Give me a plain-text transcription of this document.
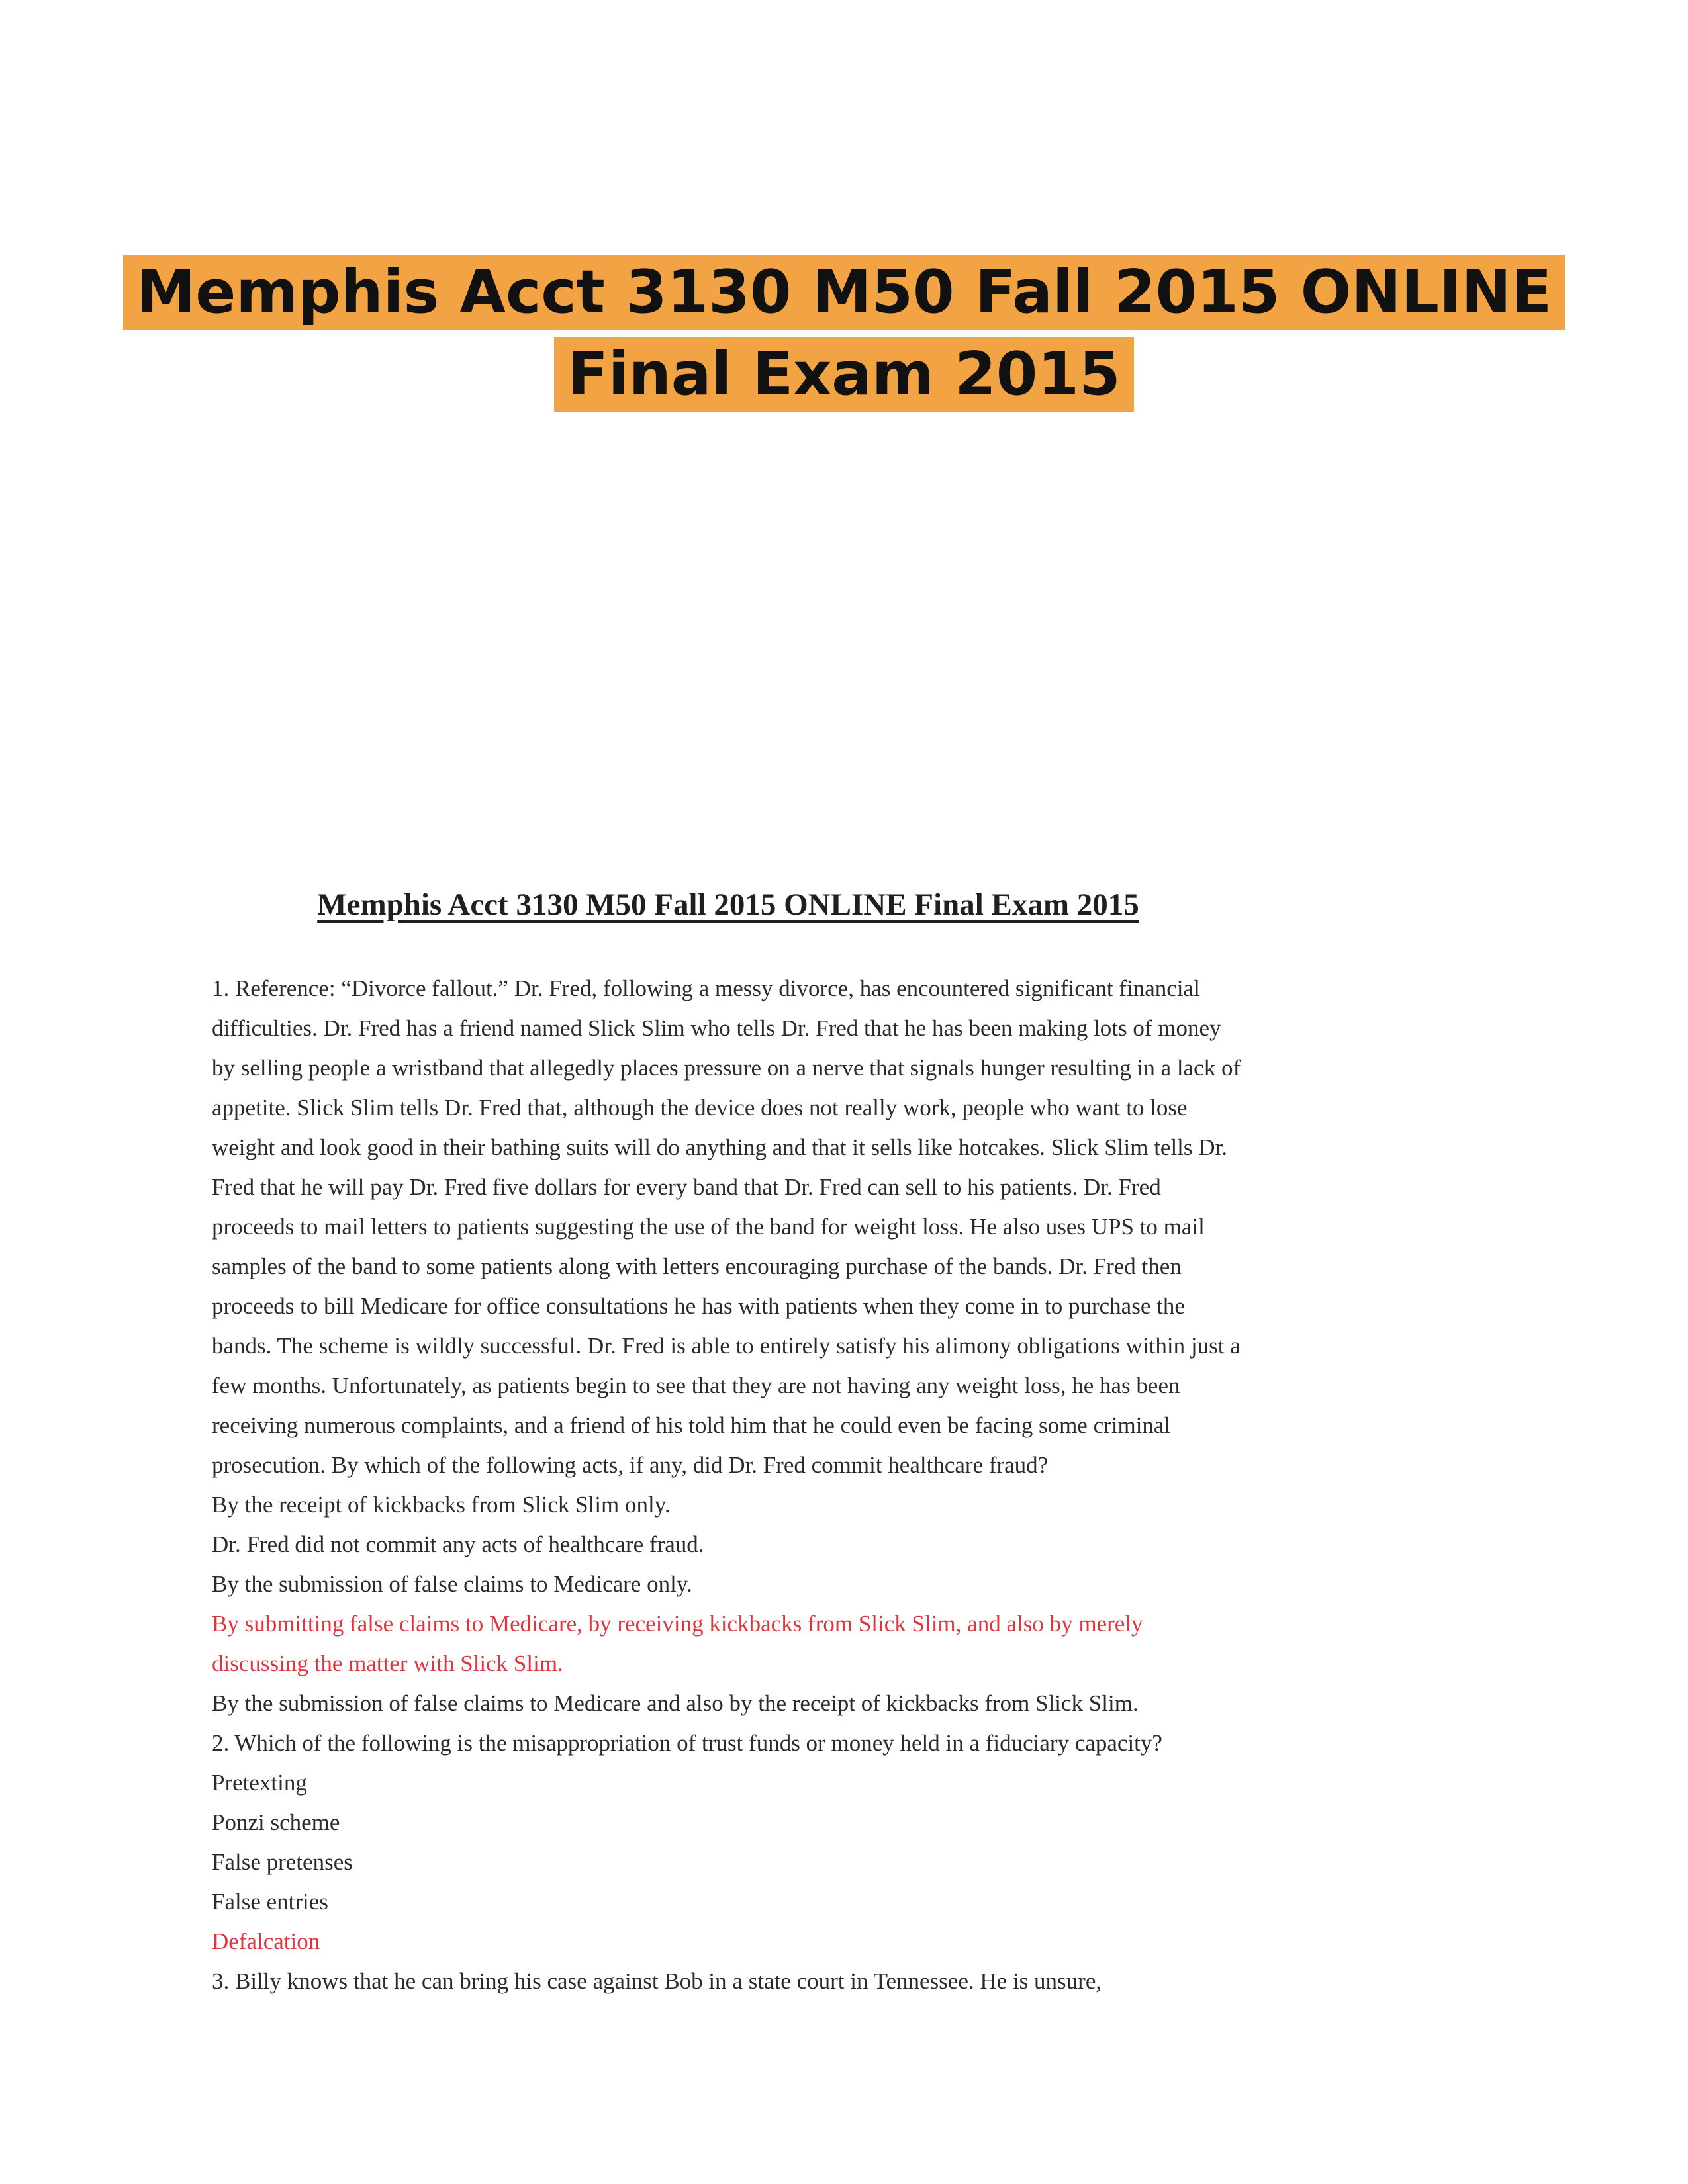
Memphis Acct 3130 M50 Fall 2015 ONLINE
Final Exam 2015

Memphis Acct 3130 M50 Fall 2015 ONLINE Final Exam 2015

1. Reference: “Divorce fallout.” Dr. Fred, following a messy divorce, has encountered significant financial difficulties. Dr. Fred has a friend named Slick Slim who tells Dr. Fred that he has been making lots of money by selling people a wristband that allegedly places pressure on a nerve that signals hunger resulting in a lack of appetite. Slick Slim tells Dr. Fred that, although the device does not really work, people who want to lose weight and look good in their bathing suits will do anything and that it sells like hotcakes. Slick Slim tells Dr. Fred that he will pay Dr. Fred five dollars for every band that Dr. Fred can sell to his patients. Dr. Fred proceeds to mail letters to patients suggesting the use of the band for weight loss. He also uses UPS to mail samples of the band to some patients along with letters encouraging purchase of the bands. Dr. Fred then proceeds to bill Medicare for office consultations he has with patients when they come in to purchase the bands. The scheme is wildly successful. Dr. Fred is able to entirely satisfy his alimony obligations within just a few months. Unfortunately, as patients begin to see that they are not having any weight loss, he has been receiving numerous complaints, and a friend of his told him that he could even be facing some criminal prosecution. By which of the following acts, if any, did Dr. Fred commit healthcare fraud?

By the receipt of kickbacks from Slick Slim only.

Dr. Fred did not commit any acts of healthcare fraud.

By the submission of false claims to Medicare only.

By submitting false claims to Medicare, by receiving kickbacks from Slick Slim, and also by merely discussing the matter with Slick Slim.

By the submission of false claims to Medicare and also by the receipt of kickbacks from Slick Slim.

2. Which of the following is the misappropriation of trust funds or money held in a fiduciary capacity?

Pretexting

Ponzi scheme

False pretenses

False entries

Defalcation

3. Billy knows that he can bring his case against Bob in a state court in Tennessee. He is unsure,
